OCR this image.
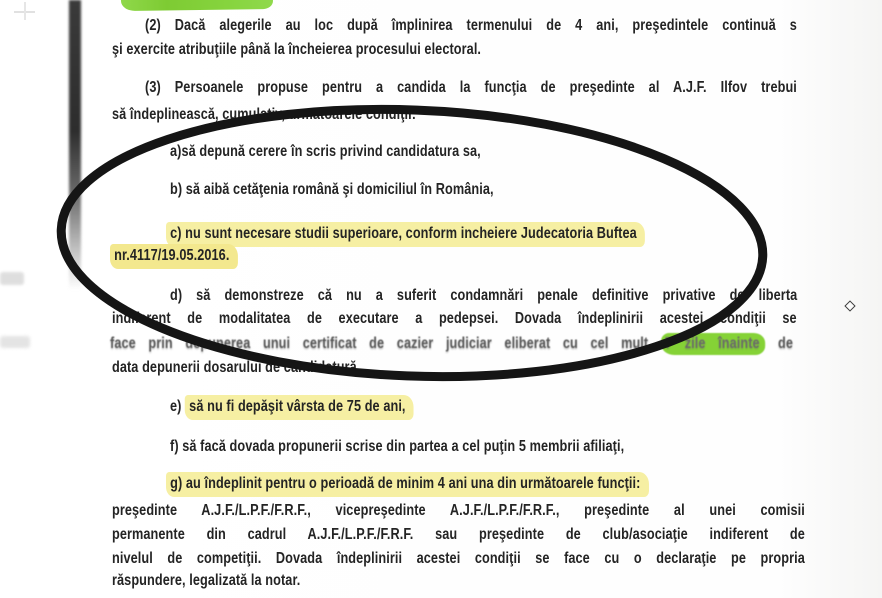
(2) Dacă alegerile au loc după împlinirea termenului de 4 ani, preşedintele continuă s
şi exercite atribuţiile până la încheierea procesului electoral.
(3) Persoanele propuse pentru a candida la funcţia de preşedinte al A.J.F. Ilfov trebui
să îndeplinească, cumulativ, următoarele condiţii:
a)să depună cerere în scris privind candidatura sa,
b) să aibă cetăţenia română şi domiciliul în România,
c) nu sunt necesare studii superioare, conform incheiere Judecatoria Buftea
nr.4117/19.05.2016.
d) să demonstreze că nu a suferit condamnări penale definitive privative de liberta
indiferent de modalitatea de executare a pedepsei. Dovada îndeplinirii acestei condiţii se
face prin depunerea unui certificat de cazier judiciar eliberat cu cel mult 7 zile înainte de
data depunerii dosarului de candidatură,
e) să nu fi depăşit vârsta de 75 de ani,
f) să facă dovada propunerii scrise din partea a cel puţin 5 membrii afiliaţi,
g) au îndeplinit pentru o perioadă de minim 4 ani una din următoarele funcţii:
preşedinte A.J.F./L.P.F./F.R.F., vicepreşedinte A.J.F./L.P.F./F.R.F., preşedinte al unei comisii
permanente din cadrul A.J.F./L.P.F./F.R.F. sau preşedinte de club/asociaţie indiferent de
nivelul de competiţii. Dovada îndeplinirii acestei condiţii se face cu o declaraţie pe propria
răspundere, legalizată la notar.
